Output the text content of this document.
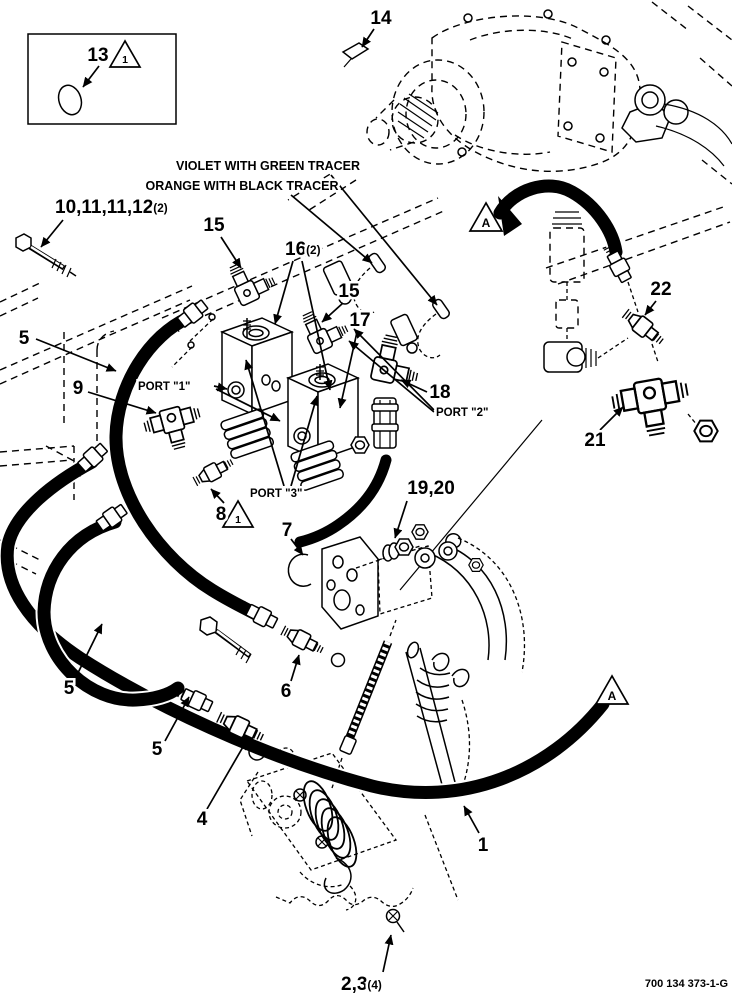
1
1
A
A
13
14
VIOLET WITH GREEN TRACER
ORANGE WITH BLACK TRACER
10,11,11,12(2)
15
16(2)
15
17
5
9	PORT "1"	18
PORT "2"
PORT "3"
8
7
19,20
22
21
6
5
5
4
1
2,3(4)	700 134 373-1-G
